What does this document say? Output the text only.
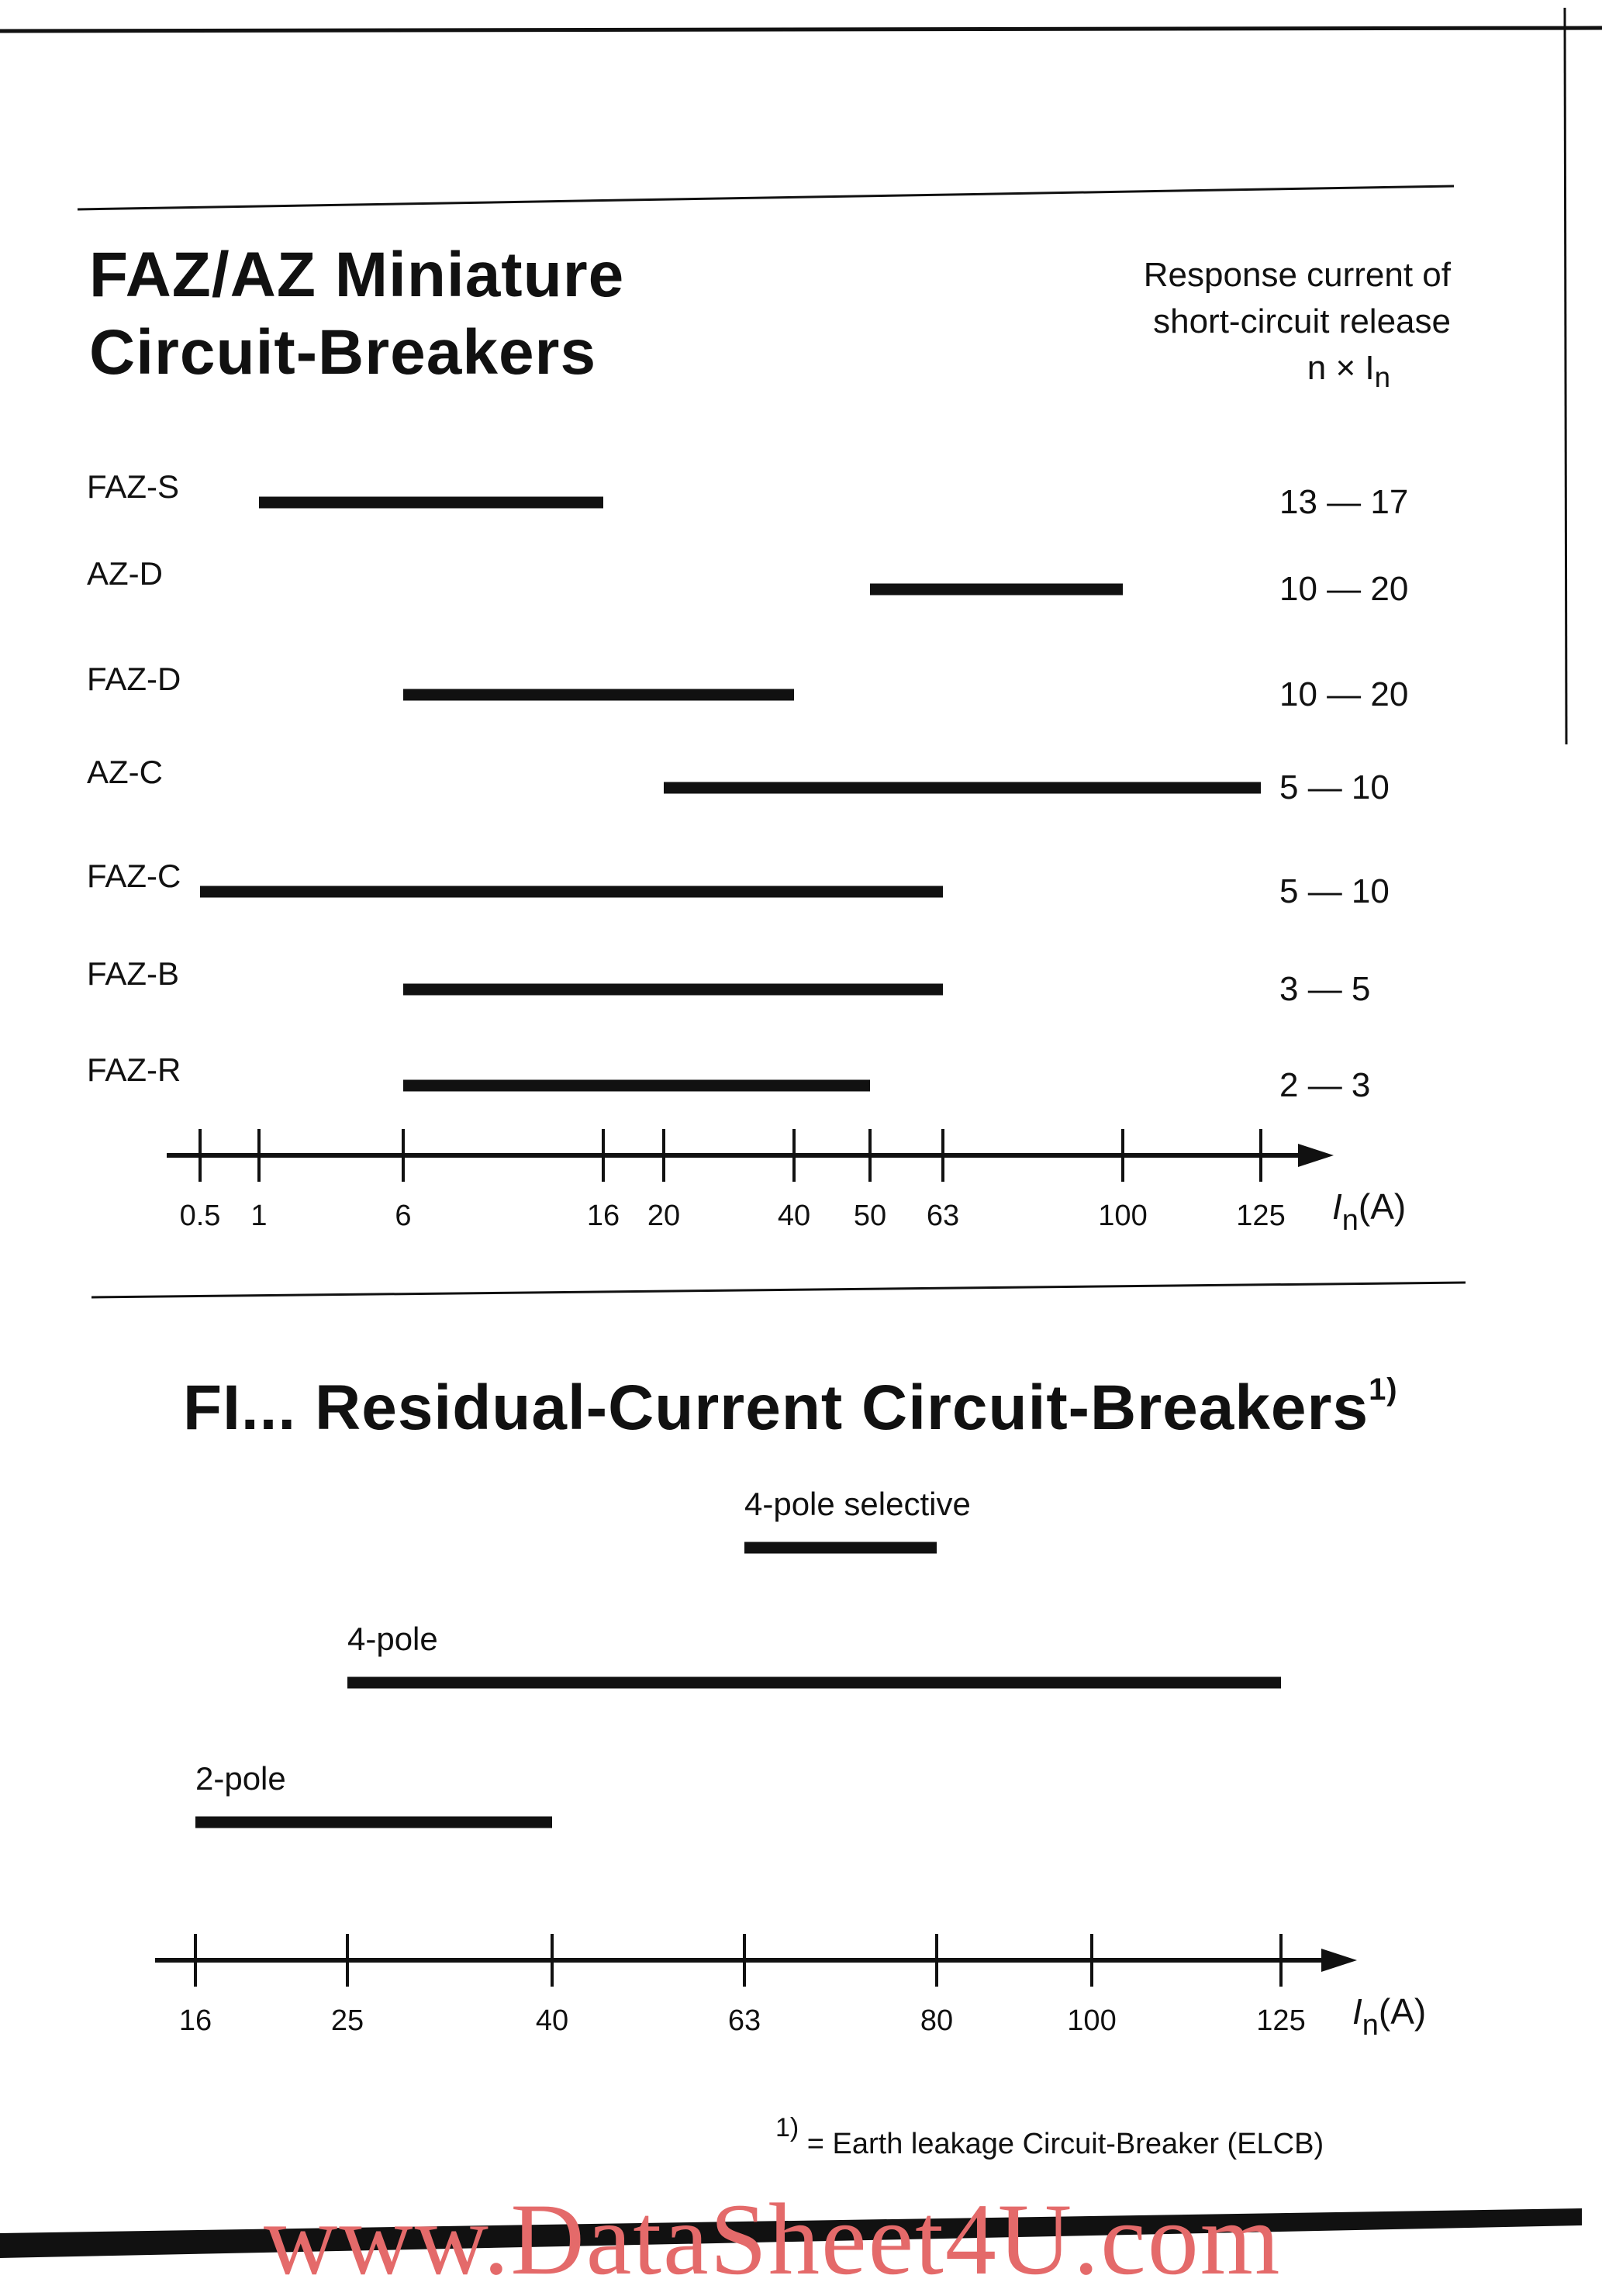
FAZ/AZ Miniature
Circuit-Breakers
Response current of
short-circuit release
$n \times I_n$
FI... Residual-Current Circuit-Breakers$^{1)}$
$^{1)}$ = Earth leakage Circuit-Breaker (ELCB)
0.5 1	6	16 20	40 50 63	100	125 $I_n(A)$
FAZ-S	13 — 17
AZ-D	10 — 20
FAZ-D	10 — 20
AZ-C	5 — 10
FAZ-C	5 — 10
FAZ-B	3 — 5
FAZ-R	2 — 3
16	25	40	63	80	100	125 $I_n(A)$
4-pole selective
4-pole
2-pole
www.DataSheet4U.com
